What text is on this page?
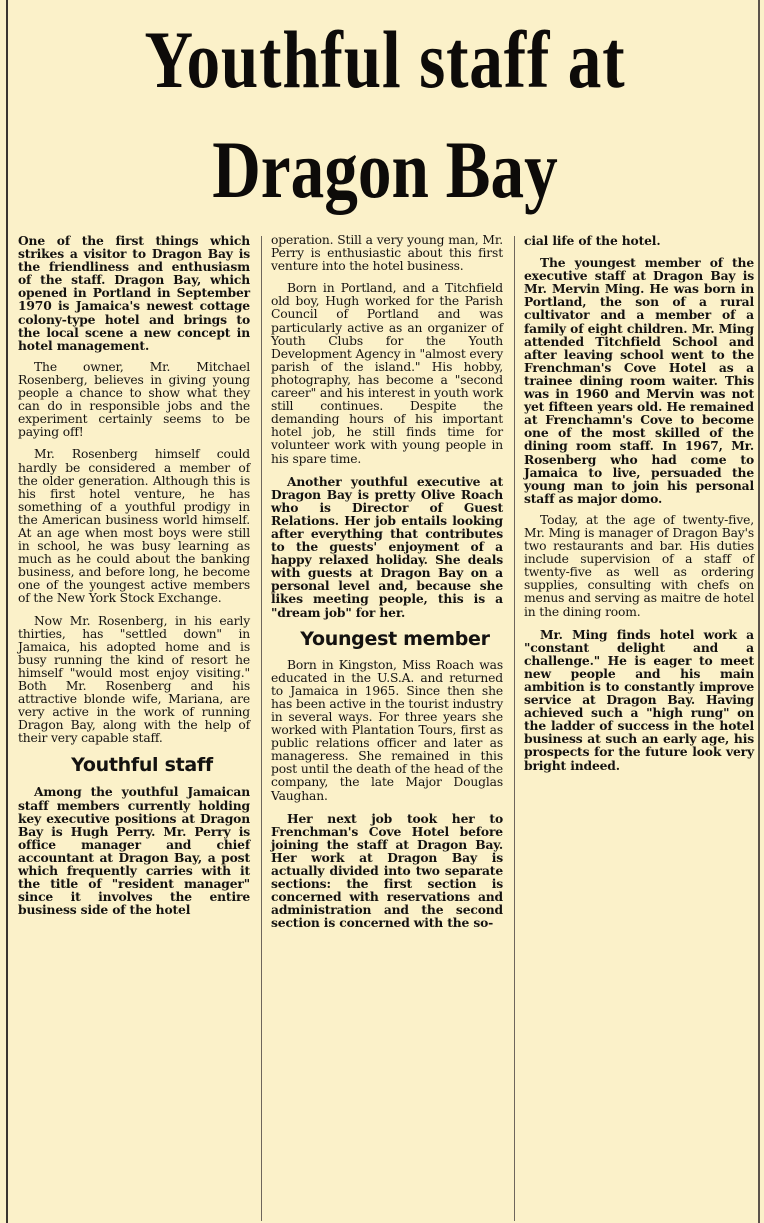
Youthful staff at
Dragon Bay

One of the first things which strikes a visitor to Dragon Bay is the friendliness and enthusiasm of the staff. Dragon Bay, which opened in Portland in September 1970 is Jamaica's newest cottage colony-type hotel and brings to the local scene a new concept in hotel management.

The owner, Mr. Mitchael Rosenberg, believes in giving young people a chance to show what they can do in responsible jobs and the experiment certainly seems to be paying off!

Mr. Rosenberg himself could hardly be considered a member of the older generation. Although this is his first hotel venture, he has something of a youthful prodigy in the American business world himself. At an age when most boys were still in school, he was busy learning as much as he could about the banking business, and before long, he become one of the youngest active members of the New York Stock Exchange.

Now Mr. Rosenberg, in his early thirties, has "settled down" in Jamaica, his adopted home and is busy running the kind of resort he himself "would most enjoy visiting." Both Mr. Rosenberg and his attractive blonde wife, Mariana, are very active in the work of running Dragon Bay, along with the help of their very capable staff.

Youthful staff

Among the youthful Jamaican staff members currently holding key executive positions at Dragon Bay is Hugh Perry. Mr. Perry is office manager and chief accountant at Dragon Bay, a post which frequently carries with it the title of "resident manager" since it involves the entire business side of the hotel

operation. Still a very young man, Mr. Perry is enthusiastic about this first venture into the hotel business.

Born in Portland, and a Titchfield old boy, Hugh worked for the Parish Council of Portland and was particularly active as an organizer of Youth Clubs for the Youth Development Agency in "almost every parish of the island." His hobby, photography, has become a "second career" and his interest in youth work still continues. Despite the demanding hours of his important hotel job, he still finds time for volunteer work with young people in his spare time.

Another youthful executive at Dragon Bay is pretty Olive Roach who is Director of Guest Relations. Her job entails looking after everything that contributes to the guests' enjoyment of a happy relaxed holiday. She deals with guests at Dragon Bay on a personal level and, because she likes meeting people, this is a "dream job" for her.

Youngest member

Born in Kingston, Miss Roach was educated in the U.S.A. and returned to Jamaica in 1965. Since then she has been active in the tourist industry in several ways. For three years she worked with Plantation Tours, first as public relations officer and later as manageress. She remained in this post until the death of the head of the company, the late Major Douglas Vaughan.

Her next job took her to Frenchman's Cove Hotel before joining the staff at Dragon Bay. Her work at Dragon Bay is actually divided into two separate sections: the first section is concerned with reservations and administration and the second section is concerned with the so-

cial life of the hotel.

The youngest member of the executive staff at Dragon Bay is Mr. Mervin Ming. He was born in Portland, the son of a rural cultivator and a member of a family of eight children. Mr. Ming attended Titchfield School and after leaving school went to the Frenchman's Cove Hotel as a trainee dining room waiter. This was in 1960 and Mervin was not yet fifteen years old. He remained at Frenchamn's Cove to become one of the most skilled of the dining room staff. In 1967, Mr. Rosenberg who had come to Jamaica to live, persuaded the young man to join his personal staff as major domo.

Today, at the age of twenty-five, Mr. Ming is manager of Dragon Bay's two restaurants and bar. His duties include supervision of a staff of twenty-five as well as ordering supplies, consulting with chefs on menus and serving as maitre de hotel in the dining room.

Mr. Ming finds hotel work a "constant delight and a challenge." He is eager to meet new people and his main ambition is to constantly improve service at Dragon Bay. Having achieved such a "high rung" on the ladder of success in the hotel business at such an early age, his prospects for the future look very bright indeed.
